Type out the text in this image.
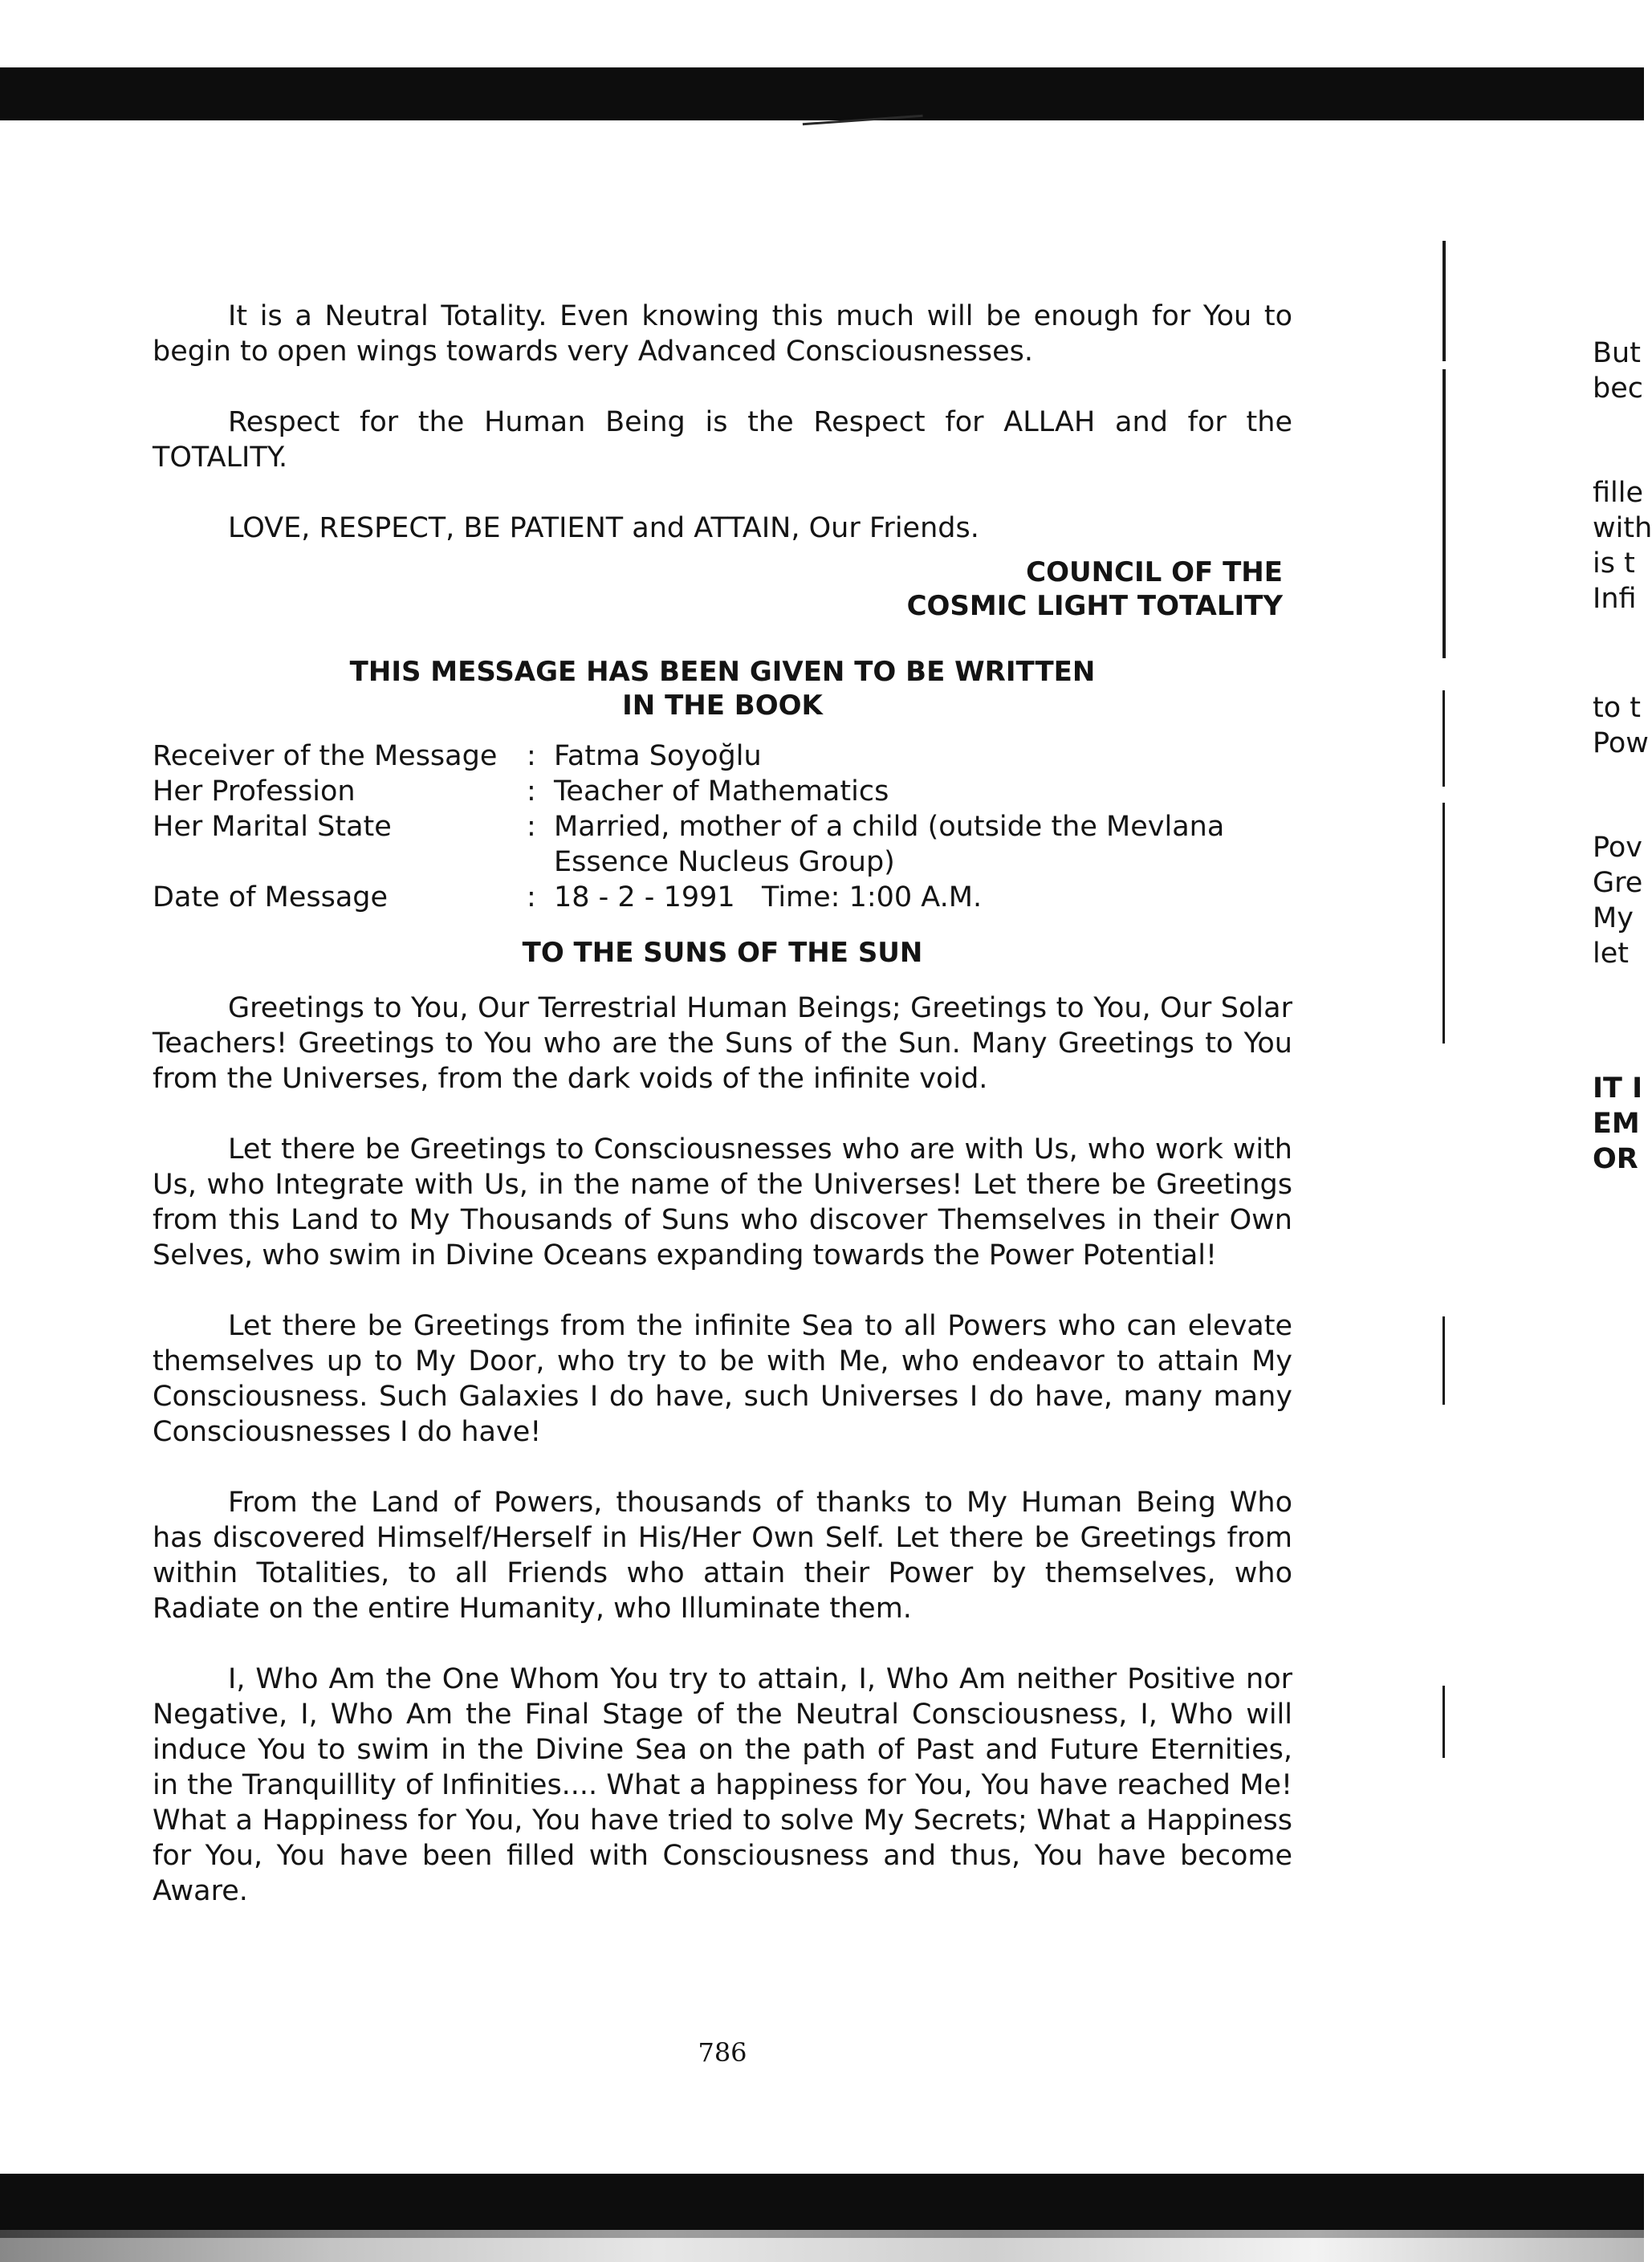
It is a Neutral Totality. Even knowing this much will be enough for You to begin to open wings towards very Advanced Consciousnesses.

Respect for the Human Being is the Respect for ALLAH and for the TOTALITY.

LOVE, RESPECT, BE PATIENT and ATTAIN, Our Friends.

COUNCIL OF THE
COSMIC LIGHT TOTALITY
THIS MESSAGE HAS BEEN GIVEN TO BE WRITTEN
IN THE BOOK
Receiver of the Message	: Fatma Soyoğlu
Her Profession	: Teacher of Mathematics
Her Marital State	: Married, mother of a child (outside the Mevlana Essence Nucleus Group)
Date of Message	: 18 - 2 - 1991   Time: 1:00 A.M.
TO THE SUNS OF THE SUN

Greetings to You, Our Terrestrial Human Beings; Greetings to You, Our Solar Teachers! Greetings to You who are the Suns of the Sun. Many Greetings to You from the Universes, from the dark voids of the infinite void.

Let there be Greetings to Consciousnesses who are with Us, who work with Us, who Integrate with Us, in the name of the Universes! Let there be Greetings from this Land to My Thousands of Suns who discover Themselves in their Own Selves, who swim in Divine Oceans expanding towards the Power Potential!

Let there be Greetings from the infinite Sea to all Powers who can elevate themselves up to My Door, who try to be with Me, who endeavor to attain My Consciousness. Such Galaxies I do have, such Universes I do have, many many Consciousnesses I do have!

From the Land of Powers, thousands of thanks to My Human Being Who has discovered Himself/Herself in His/Her Own Self. Let there be Greetings from within Totalities, to all Friends who attain their Power by themselves, who Radiate on the entire Humanity, who Illuminate them.

I, Who Am the One Whom You try to attain, I, Who Am neither Positive nor Negative, I, Who Am the Final Stage of the Neutral Consciousness, I, Who will induce You to swim in the Divine Sea on the path of Past and Future Eternities, in the Tranquillity of Infinities.... What a happiness for You, You have reached Me! What a Happiness for You, You have tried to solve My Secrets; What a Happiness for You, You have been filled with Consciousness and thus, You have become Aware.

786
But
bec
fille
with
is t
Infi
to t
Pow
Pov
Gre
My
let
IT I
EM
OR
